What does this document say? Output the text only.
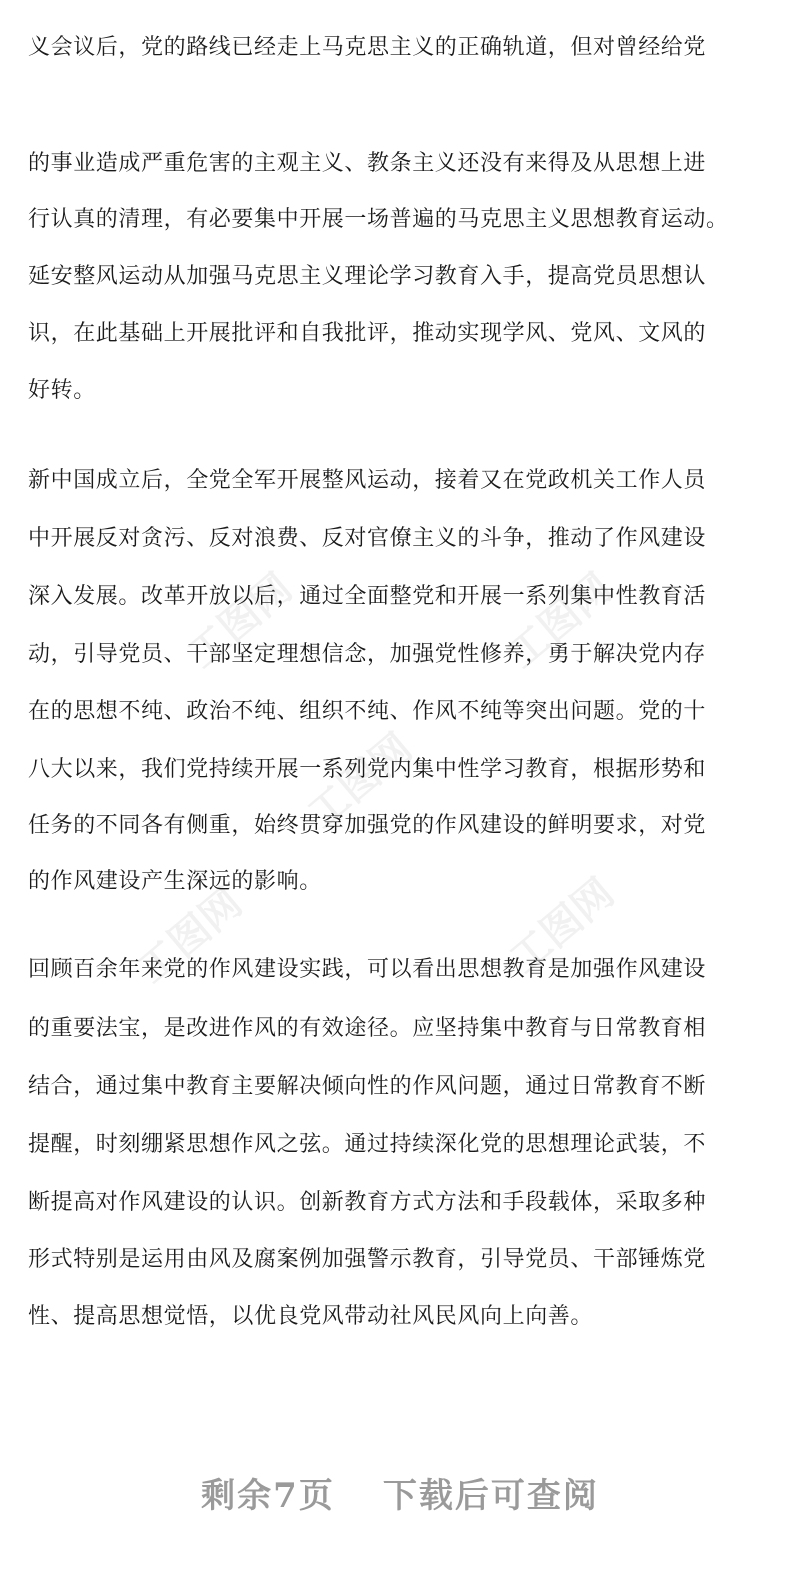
工图网	工图网
工图网
工图网	工图网
义会议后，党的路线已经走上马克思主义的正确轨道，但对曾经给党
的事业造成严重危害的主观主义、教条主义还没有来得及从思想上进
行认真的清理，有必要集中开展一场普遍的马克思主义思想教育运动。
延安整风运动从加强马克思主义理论学习教育入手，提高党员思想认
识，在此基础上开展批评和自我批评，推动实现学风、党风、文风的
好转。
新中国成立后，全党全军开展整风运动，接着又在党政机关工作人员
中开展反对贪污、反对浪费、反对官僚主义的斗争，推动了作风建设
深入发展。改革开放以后，通过全面整党和开展一系列集中性教育活
动，引导党员、干部坚定理想信念，加强党性修养，勇于解决党内存
在的思想不纯、政治不纯、组织不纯、作风不纯等突出问题。党的十
八大以来，我们党持续开展一系列党内集中性学习教育，根据形势和
任务的不同各有侧重，始终贯穿加强党的作风建设的鲜明要求，对党
的作风建设产生深远的影响。
回顾百余年来党的作风建设实践，可以看出思想教育是加强作风建设
的重要法宝，是改进作风的有效途径。应坚持集中教育与日常教育相
结合，通过集中教育主要解决倾向性的作风问题，通过日常教育不断
提醒，时刻绷紧思想作风之弦。通过持续深化党的思想理论武装，不
断提高对作风建设的认识。创新教育方式方法和手段载体，采取多种
形式特别是运用由风及腐案例加强警示教育，引导党员、干部锤炼党
性、提高思想觉悟，以优良党风带动社风民风向上向善。
剩余7页 下载后可查阅
